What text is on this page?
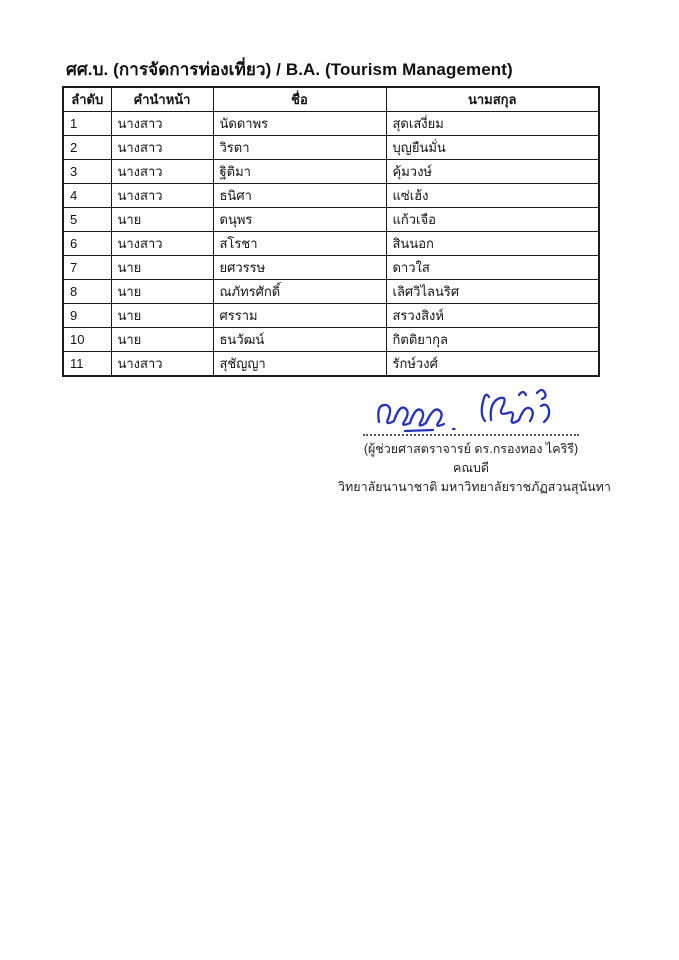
ศศ.บ. (การจัดการท่องเที่ยว) / B.A. (Tourism Management)
ลำดับ	คำนำหน้า	ชื่อ	นามสกุล
1	นางสาว	นัดดาพร	สุดเสงี่ยม
2	นางสาว	วิรตา	บุญยืนมั่น
3	นางสาว	ฐิติมา	คุ้มวงษ์
4	นางสาว	ธนิศา	แซ่เฮ้ง
5	นาย	ดนุพร	แก้วเจือ
6	นางสาว	สโรชา	สินนอก
7	นาย	ยศวรรษ	ดาวใส
8	นาย	ณภัทรศักดิ์	เลิศวิไลนริศ
9	นาย	ศรราม	สรวงสิงห์
10	นาย	ธนวัฒน์	กิตติยากุล
11	นางสาว	สุชัญญา	รักษ์วงศ์
(ผู้ช่วยศาสตราจารย์ ดร.กรองทอง ไคริรี)
คณบดี
วิทยาลัยนานาชาติ มหาวิทยาลัยราชภัฏสวนสุนันทา
